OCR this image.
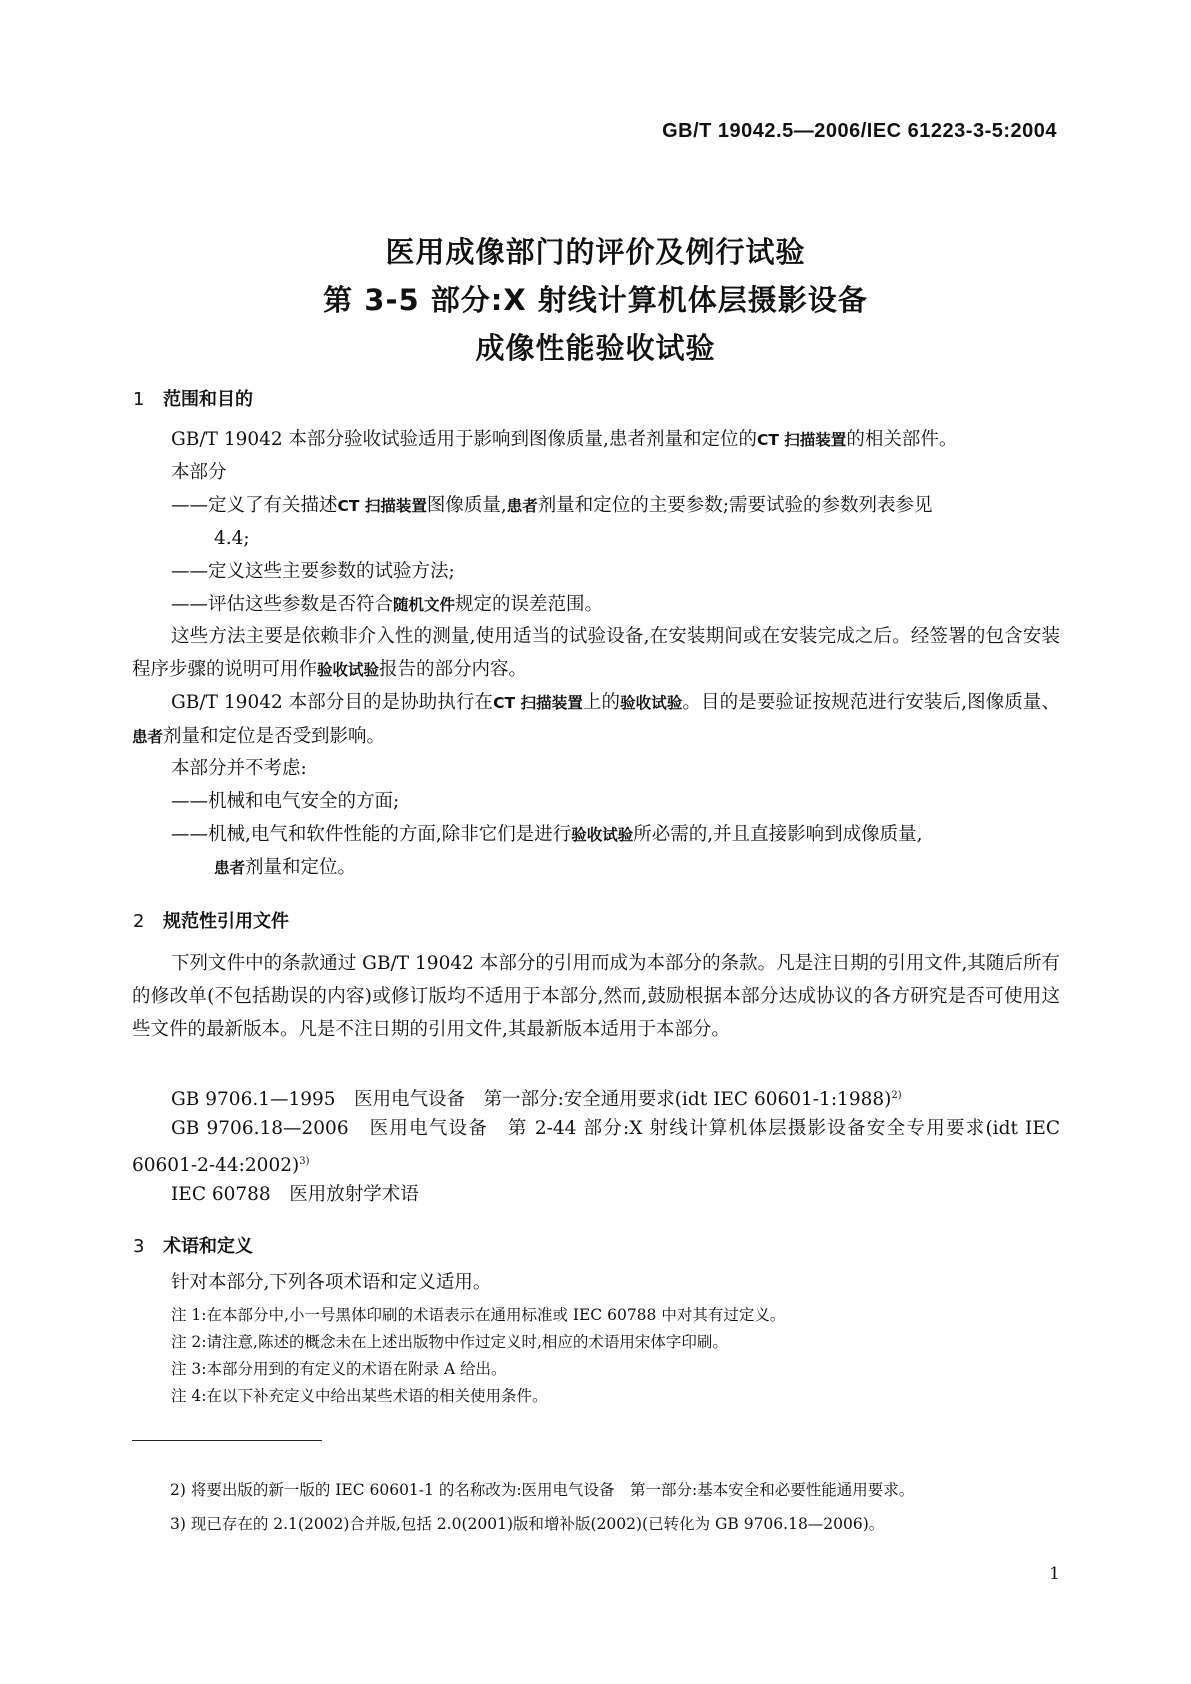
GB/T 19042.5—2006/IEC 61223-3-5:2004
医用成像部门的评价及例行试验
第 3-5 部分:X 射线计算机体层摄影设备
成像性能验收试验
1 范围和目的
GB/T 19042 本部分验收试验适用于影响到图像质量,患者剂量和定位的CT 扫描装置的相关部件。
本部分
——定义了有关描述CT 扫描装置图像质量,患者剂量和定位的主要参数;需要试验的参数列表参见
4.4;
——定义这些主要参数的试验方法;
——评估这些参数是否符合随机文件规定的误差范围。
这些方法主要是依赖非介入性的测量,使用适当的试验设备,在安装期间或在安装完成之后。经签署的包含安装程序步骤的说明可用作验收试验报告的部分内容。
GB/T 19042 本部分目的是协助执行在CT 扫描装置上的验收试验。目的是要验证按规范进行安装后,图像质量、患者剂量和定位是否受到影响。
本部分并不考虑:
——机械和电气安全的方面;
——机械,电气和软件性能的方面,除非它们是进行验收试验所必需的,并且直接影响到成像质量,
患者剂量和定位。
2 规范性引用文件
下列文件中的条款通过 GB/T 19042 本部分的引用而成为本部分的条款。凡是注日期的引用文件,其随后所有的修改单(不包括勘误的内容)或修订版均不适用于本部分,然而,鼓励根据本部分达成协议的各方研究是否可使用这些文件的最新版本。凡是不注日期的引用文件,其最新版本适用于本部分。
GB 9706.1—1995　医用电气设备　第一部分:安全通用要求(idt IEC 60601-1:1988)$^{2)}$
GB 9706.18—2006　医用电气设备　第 2-44 部分:X 射线计算机体层摄影设备安全专用要求(idt IEC 60601-2-44:2002)$^{3)}$
IEC 60788　医用放射学术语
3 术语和定义
针对本部分,下列各项术语和定义适用。
注 1:在本部分中,小一号黑体印刷的术语表示在通用标准或 IEC 60788 中对其有过定义。
注 2:请注意,陈述的概念未在上述出版物中作过定义时,相应的术语用宋体字印刷。
注 3:本部分用到的有定义的术语在附录 A 给出。
注 4:在以下补充定义中给出某些术语的相关使用条件。
2) 将要出版的新一版的 IEC 60601-1 的名称改为:医用电气设备　第一部分:基本安全和必要性能通用要求。
3) 现已存在的 2.1(2002)合并版,包括 2.0(2001)版和增补版(2002)(已转化为 GB 9706.18—2006)。
1
